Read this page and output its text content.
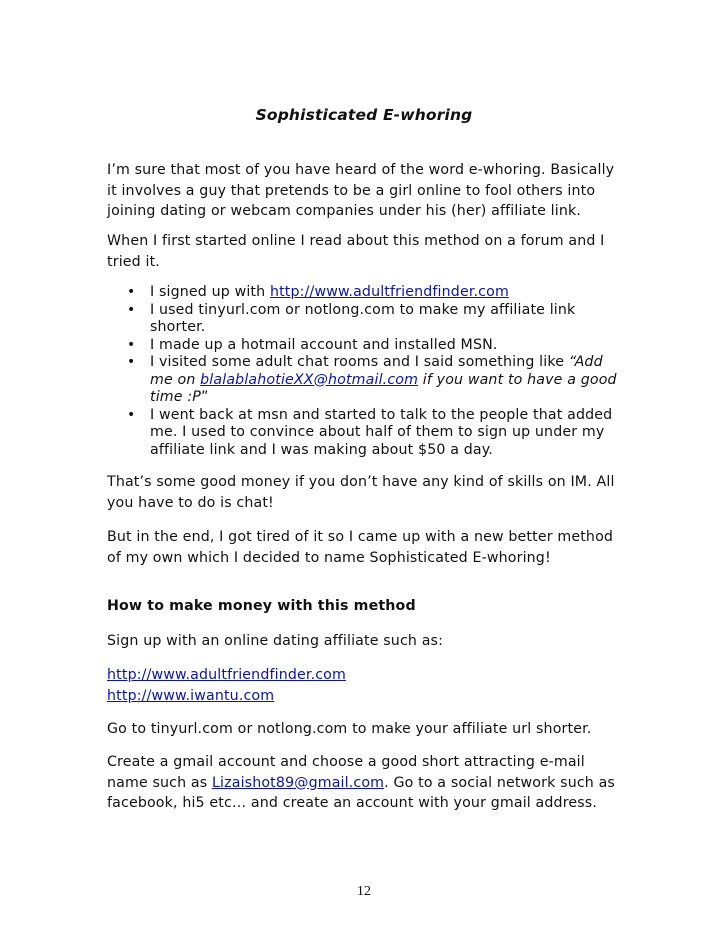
Sophisticated E-whoring

I’m sure that most of you have heard of the word e-whoring. Basically it involves a guy that pretends to be a girl online to fool others into joining dating or webcam companies under his (her) affiliate link.

When I first started online I read about this method on a forum and I tried it.

• I signed up with http://www.adultfriendfinder.com
• I used tinyurl.com or notlong.com to make my affiliate link shorter.
• I made up a hotmail account and installed MSN.
• I visited some adult chat rooms and I said something like “Add me on blalablahotieXX@hotmail.com if you want to have a good time :P”
• I went back at msn and started to talk to the people that added me. I used to convince about half of them to sign up under my affiliate link and I was making about $50 a day.

That’s some good money if you don’t have any kind of skills on IM. All you have to do is chat!

But in the end, I got tired of it so I came up with a new better method of my own which I decided to name Sophisticated E-whoring!

How to make money with this method

Sign up with an online dating affiliate such as:

http://www.adultfriendfinder.com
http://www.iwantu.com

Go to tinyurl.com or notlong.com to make your affiliate url shorter.

Create a gmail account and choose a good short attracting e-mail name such as Lizaishot89@gmail.com. Go to a social network such as facebook, hi5 etc… and create an account with your gmail address.

12
